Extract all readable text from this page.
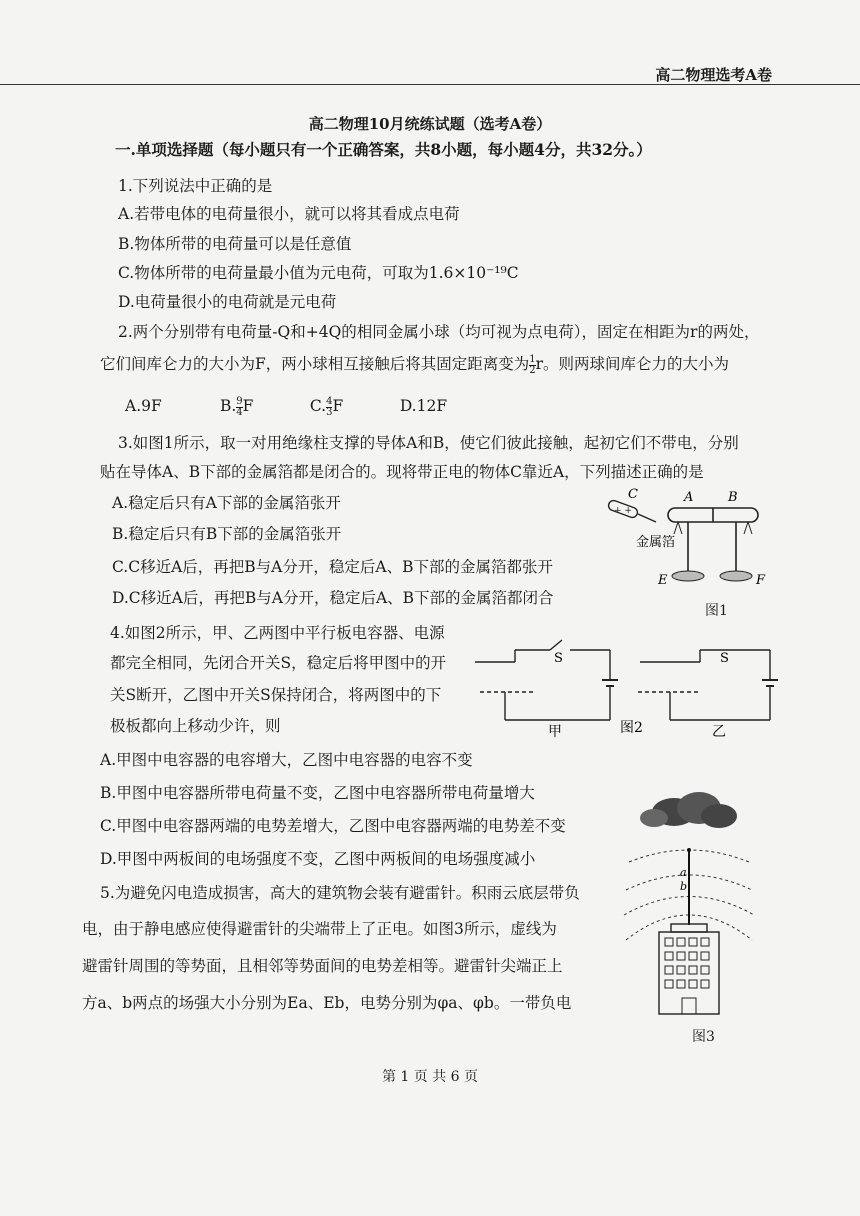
高二物理选考A卷
高二物理10月统练试题（选考A卷）
一.单项选择题（每小题只有一个正确答案，共8小题，每小题4分，共32分。）
1.下列说法中正确的是
A.若带电体的电荷量很小，就可以将其看成点电荷
B.物体所带的电荷量可以是任意值
C.物体所带的电荷量最小值为元电荷，可取为1.6×10⁻¹⁹C
D.电荷量很小的电荷就是元电荷
2.两个分别带有电荷量-Q和+4Q的相同金属小球（均可视为点电荷），固定在相距为r的两处，
它们间库仑力的大小为F，两小球相互接触后将其固定距离变为 $\frac{1}{2}$ r。则两球间库仑力的大小为
A.9F	B. $\frac{9}{4}$ F	C. $\frac{4}{3}$ F	D.12F
3.如图1所示，取一对用绝缘柱支撑的导体A和B，使它们彼此接触，起初它们不带电，分别
贴在导体A、B下部的金属箔都是闭合的。现将带正电的物体C靠近A，下列描述正确的是
A.稳定后只有A下部的金属箔张开
B.稳定后只有B下部的金属箔张开
C.C移近A后，再把B与A分开，稳定后A、B下部的金属箔都张开
D.C移近A后，再把B与A分开，稳定后A、B下部的金属箔都闭合
+ +
C	A	B
金属箔
E	F
图1
4.如图2所示，甲、乙两图中平行板电容器、电源
都完全相同，先闭合开关S，稳定后将甲图中的开
关S断开，乙图中开关S保持闭合，将两图中的下
极板都向上移动少许，则
S	S
甲	图2	乙
A.甲图中电容器的电容增大，乙图中电容器的电容不变
B.甲图中电容器所带电荷量不变，乙图中电容器所带电荷量增大
C.甲图中电容器两端的电势差增大，乙图中电容器两端的电势差不变
D.甲图中两板间的电场强度不变，乙图中两板间的电场强度减小
5.为避免闪电造成损害，高大的建筑物会装有避雷针。积雨云底层带负
电，由于静电感应使得避雷针的尖端带上了正电。如图3所示，虚线为
避雷针周围的等势面，且相邻等势面间的电势差相等。避雷针尖端正上
方a、b两点的场强大小分别为Ea、Eb，电势分别为φa、φb。一带负电
a
b
图3
第 1 页 共 6 页
